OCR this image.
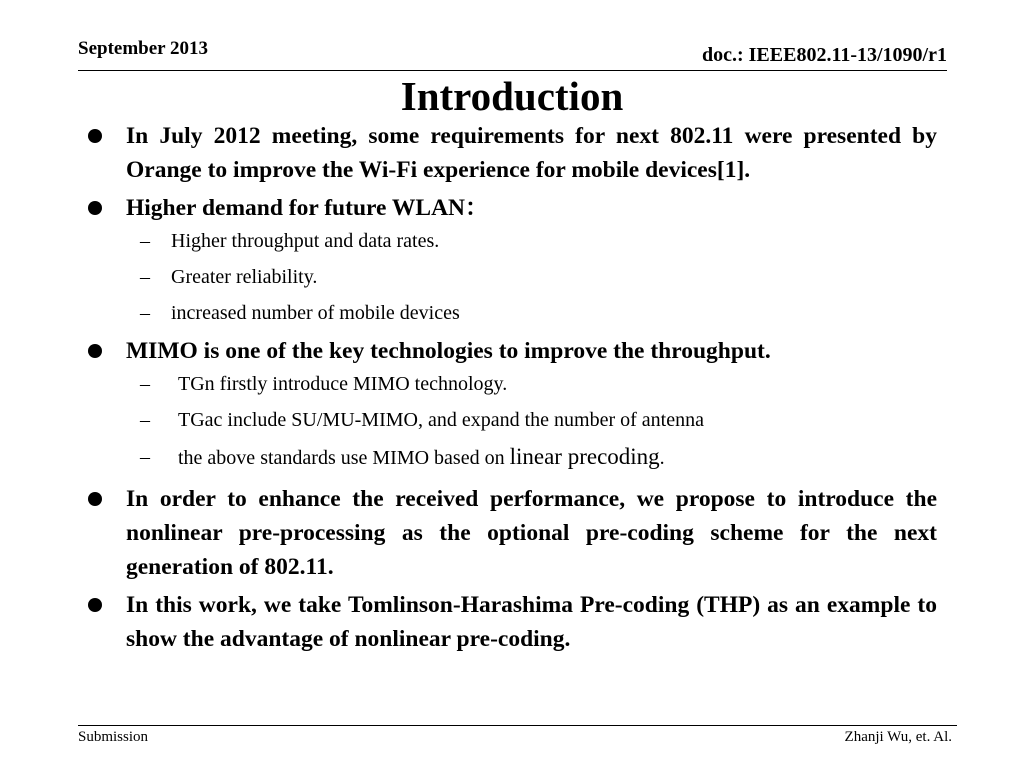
September 2013	doc.: IEEE802.11-13/1090/r1
Introduction
In July 2012 meeting, some requirements for next 802.11 were presented by Orange to improve the Wi-Fi experience for mobile devices[1].
Higher demand for future WLAN：
– Higher throughput and data rates.
– Greater reliability.
– increased number of mobile devices
MIMO is one of the key technologies to improve the throughput.
– TGn firstly introduce MIMO technology.
– TGac include SU/MU-MIMO, and expand the number of antenna
– the above standards use MIMO based on linear precoding.
In order to enhance the received performance, we propose to introduce the nonlinear pre-processing as the optional pre-coding scheme for the next generation of 802.11.
In this work, we take Tomlinson-Harashima Pre-coding (THP) as an example to show the advantage of nonlinear pre-coding.
Submission	Zhanji Wu, et. Al.
